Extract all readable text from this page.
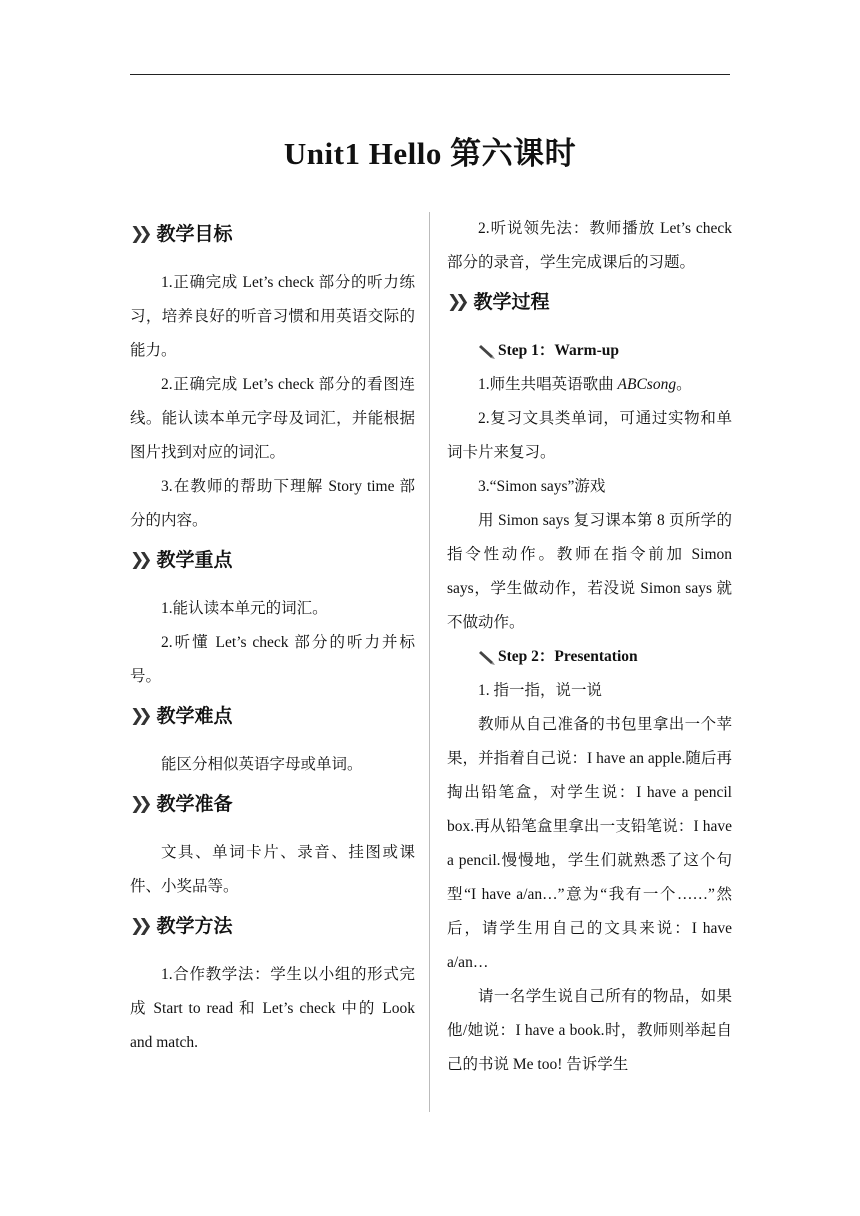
Unit1 Hello 第六课时
❯❯ 教学目标

1.正确完成 Let’s check 部分的听力练习，培养良好的听音习惯和用英语交际的能力。

2.正确完成 Let’s check 部分的看图连线。能认读本单元字母及词汇，并能根据图片找到对应的词汇。

3.在教师的帮助下理解 Story time 部分的内容。

❯❯ 教学重点

1.能认读本单元的词汇。

2.听懂 Let’s check 部分的听力并标号。

❯❯ 教学难点

能区分相似英语字母或单词。

❯❯ 教学准备

文具、单词卡片、录音、挂图或课件、小奖品等。

❯❯ 教学方法

1.合作教学法：学生以小组的形式完成 Start to read 和 Let’s check 中的 Look and match.

2.听说领先法：教师播放 Let’s check 部分的录音，学生完成课后的习题。

❯❯ 教学过程

Step 1：Warm-up

1.师生共唱英语歌曲 ABCsong。

2.复习文具类单词，可通过实物和单词卡片来复习。

3.“Simon says”游戏

用 Simon says 复习课本第 8 页所学的指令性动作。教师在指令前加 Simon says，学生做动作，若没说 Simon says 就不做动作。

Step 2：Presentation

1. 指一指，说一说

教师从自己准备的书包里拿出一个苹果，并指着自己说：I have an apple.随后再掏出铅笔盒，对学生说：I have a pencil box.再从铅笔盒里拿出一支铅笔说：I have a pencil.慢慢地，学生们就熟悉了这个句型“I have a/an…”意为“我有一个……”然后，请学生用自己的文具来说：I have a/an…

请一名学生说自己所有的物品，如果他/她说：I have a book.时，教师则举起自己的书说 Me too! 告诉学生
